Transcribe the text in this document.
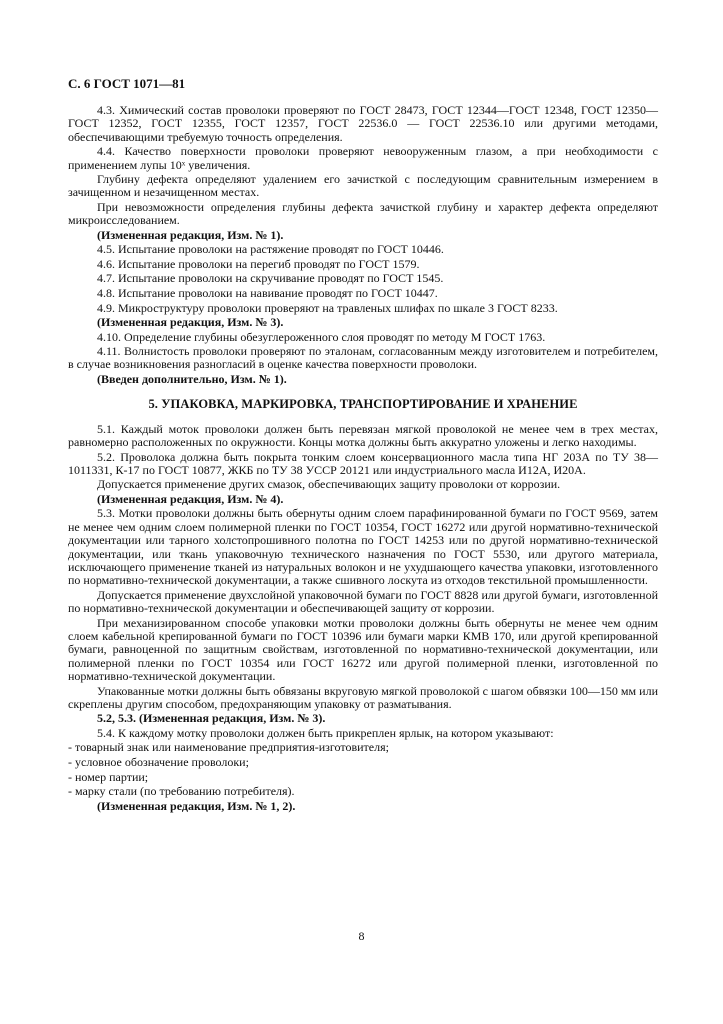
С. 6 ГОСТ 1071—81

4.3. Химический состав проволоки проверяют по ГОСТ 28473, ГОСТ 12344—ГОСТ 12348, ГОСТ 12350—ГОСТ 12352, ГОСТ 12355, ГОСТ 12357, ГОСТ 22536.0 — ГОСТ 22536.10 или другими методами, обеспечивающими требуемую точность определения.

4.4. Качество поверхности проволоки проверяют невооруженным глазом, а при необходимости с применением лупы 10ˣ увеличения.

Глубину дефекта определяют удалением его зачисткой с последующим сравнительным измерением в зачищенном и незачищенном местах.

При невозможности определения глубины дефекта зачисткой глубину и характер дефекта определяют микроисследованием.

(Измененная редакция, Изм. № 1).

4.5. Испытание проволоки на растяжение проводят по ГОСТ 10446.

4.6. Испытание проволоки на перегиб проводят по ГОСТ 1579.

4.7. Испытание проволоки на скручивание проводят по ГОСТ 1545.

4.8. Испытание проволоки на навивание проводят по ГОСТ 10447.

4.9. Микроструктуру проволоки проверяют на травленых шлифах по шкале 3 ГОСТ 8233.

(Измененная редакция, Изм. № 3).

4.10. Определение глубины обезуглероженного слоя проводят по методу М ГОСТ 1763.

4.11. Волнистость проволоки проверяют по эталонам, согласованным между изготовителем и потребителем, в случае возникновения разногласий в оценке качества поверхности проволоки.

(Введен дополнительно, Изм. № 1).

5. УПАКОВКА, МАРКИРОВКА, ТРАНСПОРТИРОВАНИЕ И ХРАНЕНИЕ

5.1. Каждый моток проволоки должен быть перевязан мягкой проволокой не менее чем в трех местах, равномерно расположенных по окружности. Концы мотка должны быть аккуратно уложены и легко находимы.

5.2. Проволока должна быть покрыта тонким слоем консервационного масла типа НГ 203А по ТУ 38—1011331, К-17 по ГОСТ 10877, ЖКБ по ТУ 38 УССР 20121 или индустриального масла И12А, И20А.

Допускается применение других смазок, обеспечивающих защиту проволоки от коррозии.

(Измененная редакция, Изм. № 4).

5.3. Мотки проволоки должны быть обернуты одним слоем парафинированной бумаги по ГОСТ 9569, затем не менее чем одним слоем полимерной пленки по ГОСТ 10354, ГОСТ 16272 или другой нормативно-технической документации или тарного холстопрошивного полотна по ГОСТ 14253 или по другой нормативно-технической документации, или ткань упаковочную технического назначения по ГОСТ 5530, или другого материала, исключающего применение тканей из натуральных волокон и не ухудшающего качества упаковки, изготовленного по нормативно-технической документации, а также сшивного лоскута из отходов текстильной промышленности.

Допускается применение двухслойной упаковочной бумаги по ГОСТ 8828 или другой бумаги, изготовленной по нормативно-технической документации и обеспечивающей защиту от коррозии.

При механизированном способе упаковки мотки проволоки должны быть обернуты не менее чем одним слоем кабельной крепированной бумаги по ГОСТ 10396 или бумаги марки КМВ 170, или другой крепированной бумаги, равноценной по защитным свойствам, изготовленной по нормативно-технической документации, или полимерной пленки по ГОСТ 10354 или ГОСТ 16272 или другой полимерной пленки, изготовленной по нормативно-технической документации.

Упакованные мотки должны быть обвязаны вкруговую мягкой проволокой с шагом обвязки 100—150 мм или скреплены другим способом, предохраняющим упаковку от разматывания.

5.2, 5.3. (Измененная редакция, Изм. № 3).

5.4. К каждому мотку проволоки должен быть прикреплен ярлык, на котором указывают:

- товарный знак или наименование предприятия-изготовителя;

- условное обозначение проволоки;

- номер партии;

- марку стали (по требованию потребителя).

(Измененная редакция, Изм. № 1, 2).

8
